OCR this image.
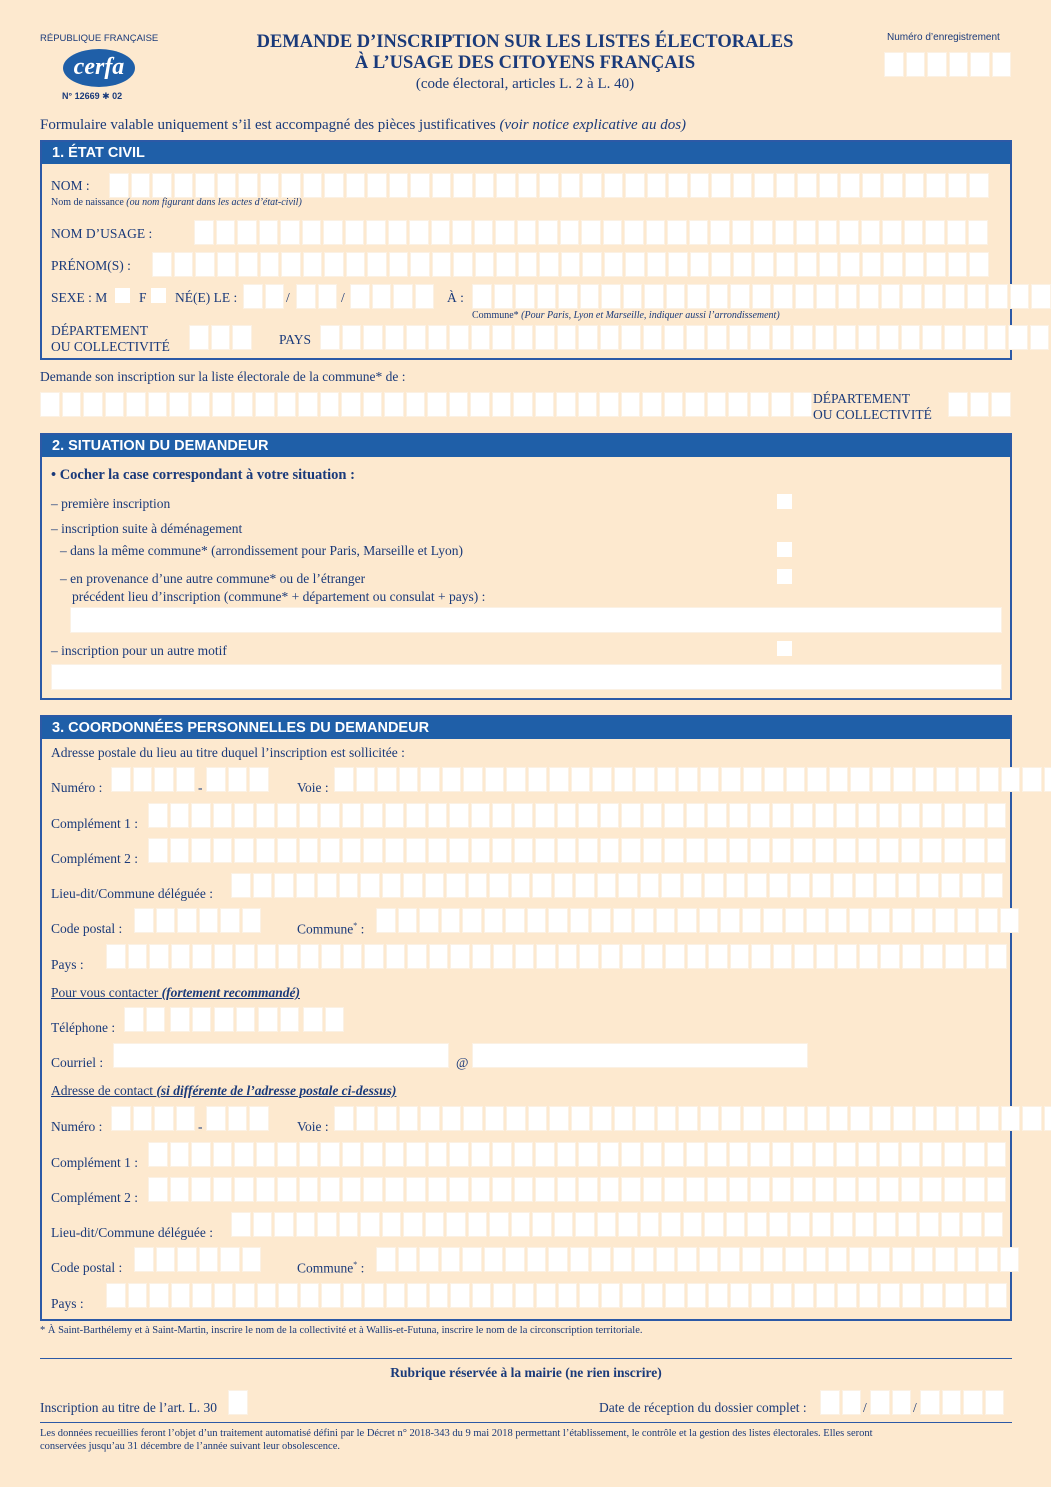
RÉPUBLIQUE FRANÇAISE
cerfa
N° 12669 ✱ 02
DEMANDE D’INSCRIPTION SUR LES LISTES ÉLECTORALES
À L’USAGE DES CITOYENS FRANÇAIS
(code électoral, articles L. 2 à L. 40)
Numéro d’enregistrement
Formulaire valable uniquement s’il est accompagné des pièces justificatives (voir notice explicative au dos)
1. ÉTAT CIVIL
NOM :
Nom de naissance (ou nom figurant dans les actes d’état-civil)
NOM D’USAGE :
PRÉNOM(S) :
SEXE : M F NÉ(E) LE :	/	/	À :
Commune* (Pour Paris, Lyon et Marseille, indiquer aussi l’arrondissement)
DÉPARTEMENT
OU COLLECTIVITÉ	PAYS
Demande son inscription sur la liste électorale de la commune* de :
DÉPARTEMENT
OU COLLECTIVITÉ
2. SITUATION DU DEMANDEUR
• Cocher la case correspondant à votre situation :
– première inscription
– inscription suite à déménagement
– dans la même commune* (arrondissement pour Paris, Marseille et Lyon)
– en provenance d’une autre commune* ou de l’étranger
précédent lieu d’inscription (commune* + département ou consulat + pays) :
– inscription pour un autre motif
3. COORDONNÉES PERSONNELLES DU DEMANDEUR
Adresse postale du lieu au titre duquel l’inscription est sollicitée :
Numéro :	-	Voie :
Complément 1 :
Complément 2 :
Lieu-dit/Commune déléguée :
Code postal :	Commune* :
Pays :
Pour vous contacter (fortement recommandé)
Téléphone :
Courriel :	@
Adresse de contact (si différente de l’adresse postale ci-dessus)
Numéro :	-	Voie :
Complément 1 :
Complément 2 :
Lieu-dit/Commune déléguée :
Code postal :	Commune* :
Pays :
* À Saint-Barthélemy et à Saint-Martin, inscrire le nom de la collectivité et à Wallis-et-Futuna, inscrire le nom de la circonscription territoriale.
Rubrique réservée à la mairie (ne rien inscrire)
Inscription au titre de l’art. L. 30	Date de réception du dossier complet :	/	/
Les données recueillies feront l’objet d’un traitement automatisé défini par le Décret n° 2018-343 du 9 mai 2018 permettant l’établissement, le contrôle et la gestion des listes électorales. Elles seront
conservées jusqu’au 31 décembre de l’année suivant leur obsolescence.
